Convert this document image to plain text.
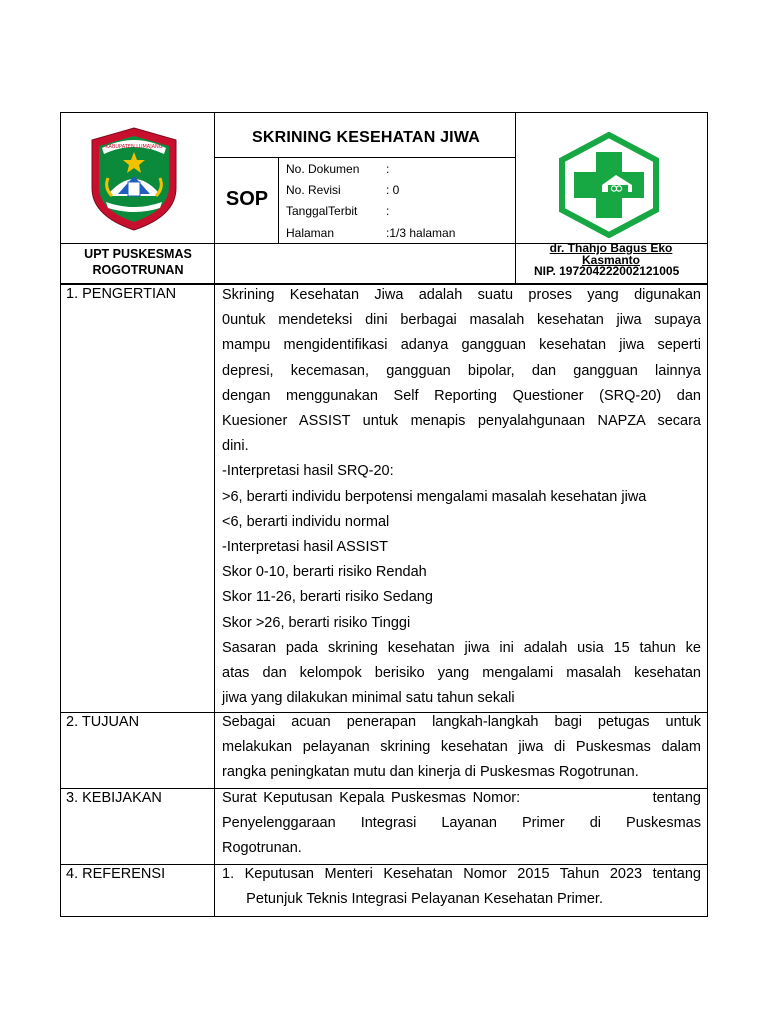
KABUPATEN LUMAJANG
SKRINING KESEHATAN JIWA
SOP
No. Dokumen :
No. Revisi	: 0
TanggalTerbit :
Halaman	:1/3 halaman
UPT PUSKESMAS
ROGOTRUNAN
dr. Thahjo Bagus Eko
Kasmanto
NIP. 197204222002121005
1. PENGERTIAN	Skrining Kesehatan Jiwa adalah suatu proses yang digunakan
0untuk mendeteksi dini berbagai masalah kesehatan jiwa supaya
mampu mengidentifikasi adanya gangguan kesehatan jiwa seperti
depresi, kecemasan, gangguan bipolar, dan gangguan lainnya
dengan menggunakan Self Reporting Questioner (SRQ-20) dan
Kuesioner ASSIST untuk menapis penyalahgunaan NAPZA secara
dini.
-Interpretasi hasil SRQ-20:
>6, berarti individu berpotensi mengalami masalah kesehatan jiwa
<6, berarti individu normal
-Interpretasi hasil ASSIST
Skor 0-10, berarti risiko Rendah
Skor 11-26, berarti risiko Sedang
Skor >26, berarti risiko Tinggi
Sasaran pada skrining kesehatan jiwa ini adalah usia 15 tahun ke
atas dan kelompok berisiko yang mengalami masalah kesehatan
jiwa yang dilakukan minimal satu tahun sekali
2. TUJUAN	Sebagai acuan penerapan langkah-langkah bagi petugas untuk
melakukan pelayanan skrining kesehatan jiwa di Puskesmas dalam
rangka peningkatan mutu dan kinerja di Puskesmas Rogotrunan.
3. KEBIJAKAN	Surat Keputusan Kepala Puskesmas Nomor:                    tentang
Penyelenggaraan Integrasi Layanan Primer di Puskesmas
Rogotrunan.
4. REFERENSI	1. Keputusan Menteri Kesehatan Nomor 2015 Tahun 2023 tentang
Petunjuk Teknis Integrasi Pelayanan Kesehatan Primer.
